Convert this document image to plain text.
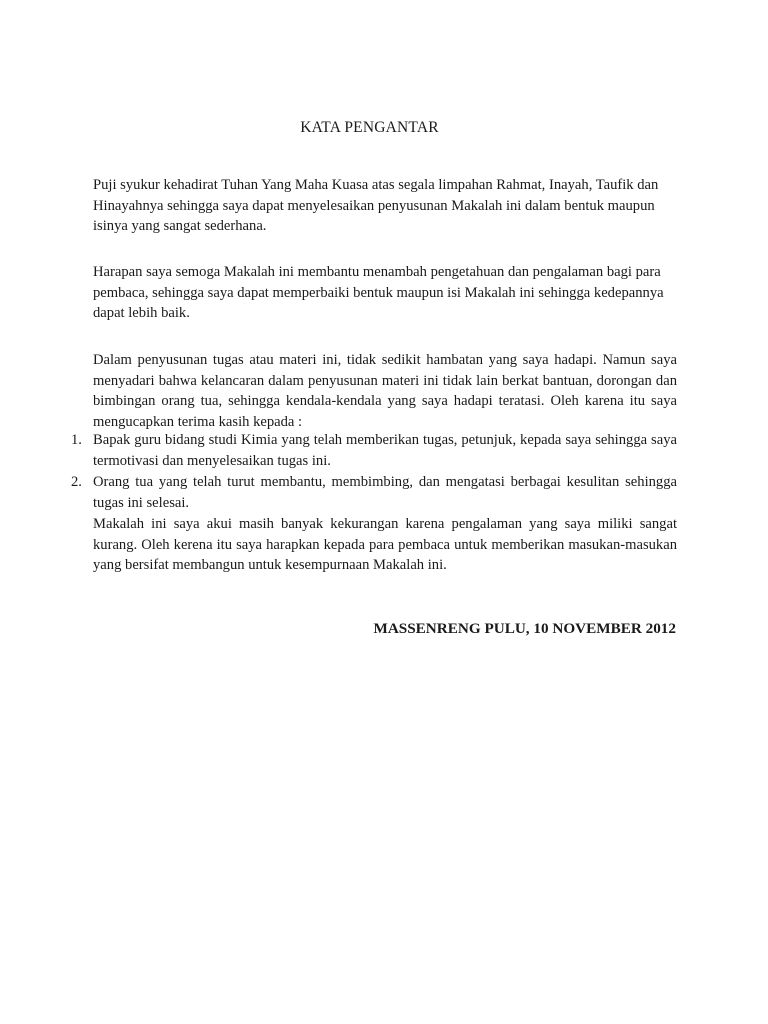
KATA PENGANTAR
Puji syukur kehadirat Tuhan Yang Maha Kuasa atas segala limpahan Rahmat, Inayah, Taufik dan Hinayahnya sehingga saya dapat menyelesaikan penyusunan Makalah ini dalam bentuk maupun isinya yang sangat sederhana.
Harapan saya semoga Makalah ini membantu menambah pengetahuan dan pengalaman bagi para pembaca, sehingga saya dapat memperbaiki bentuk maupun isi Makalah ini sehingga kedepannya dapat lebih baik.
Dalam penyusunan tugas atau materi ini, tidak sedikit hambatan yang saya hadapi. Namun saya menyadari bahwa kelancaran dalam penyusunan materi ini tidak lain berkat bantuan, dorongan dan bimbingan orang tua, sehingga kendala-kendala yang saya hadapi teratasi. Oleh karena itu saya mengucapkan terima kasih kepada :
1. Bapak guru bidang studi Kimia yang telah memberikan tugas, petunjuk, kepada saya sehingga saya termotivasi dan menyelesaikan tugas ini.
2. Orang tua yang telah turut membantu, membimbing, dan mengatasi berbagai kesulitan sehingga tugas ini selesai.
Makalah ini saya akui masih banyak kekurangan karena pengalaman yang saya miliki sangat kurang. Oleh kerena itu saya harapkan kepada para pembaca untuk memberikan masukan-masukan yang bersifat membangun untuk kesempurnaan Makalah ini.
MASSENRENG PULU, 10 NOVEMBER 2012
